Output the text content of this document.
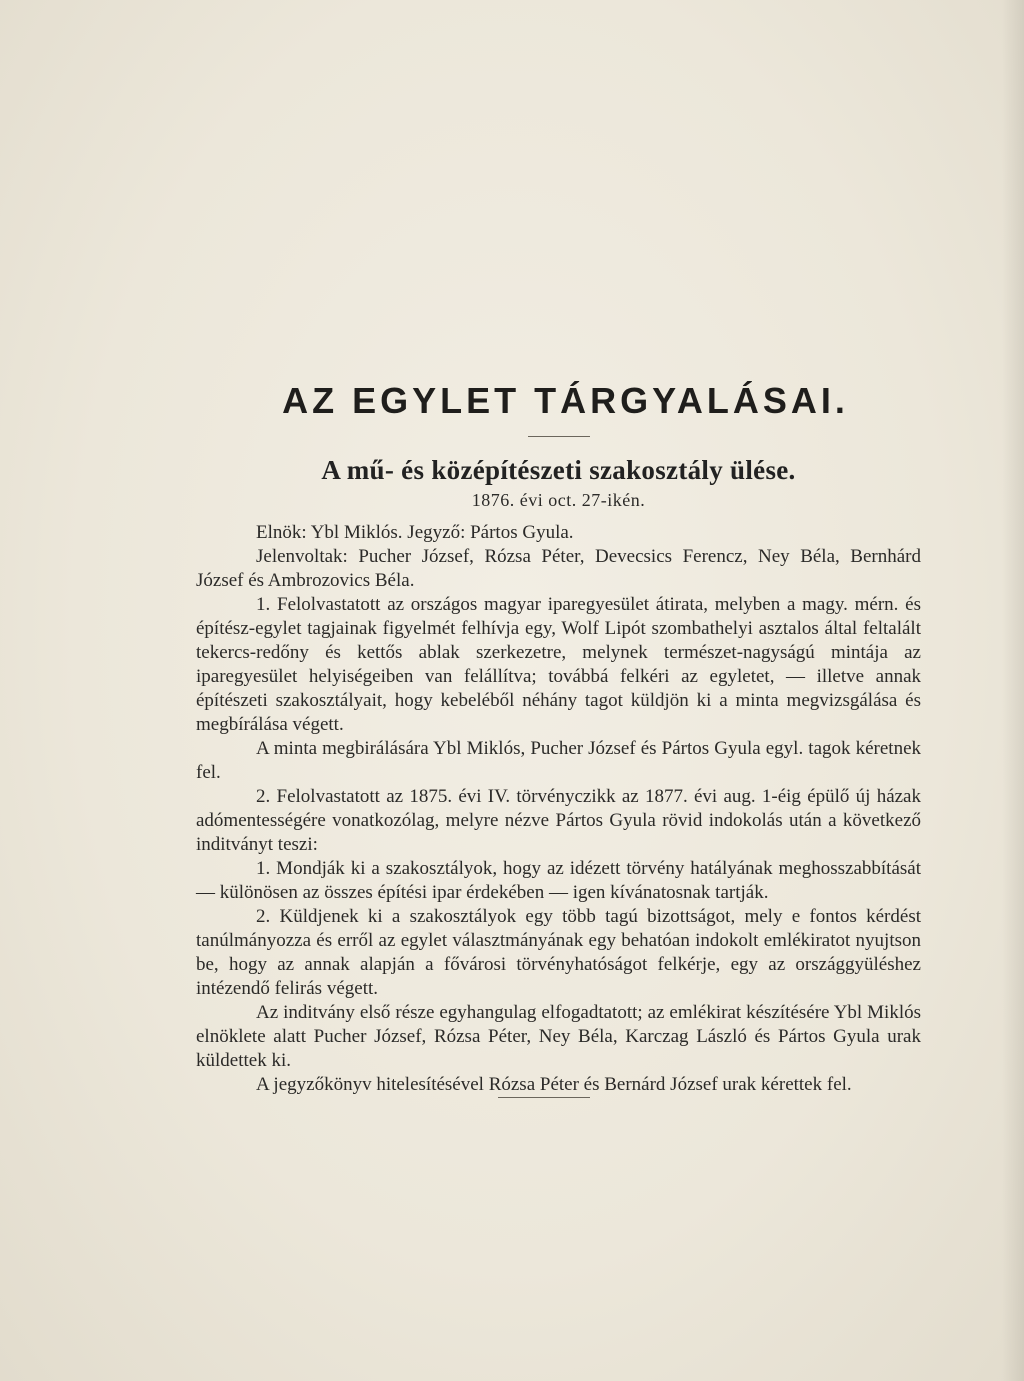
AZ EGYLET TÁRGYALÁSAI.
A mű- és középítészeti szakosztály ülése.
1876. évi oct. 27-ikén.

Elnök: Ybl Miklós. Jegyző: Pártos Gyula.

Jelenvoltak: Pucher József, Rózsa Péter, Devecsics Ferencz, Ney Béla, Bernhárd József és Ambrozovics Béla.

1. Felolvastatott az országos magyar iparegyesület átirata, melyben a magy. mérn. és építész-egylet tagjainak figyelmét felhívja egy, Wolf Lipót szombathelyi asztalos által feltalált tekercs-redőny és kettős ablak szerkezetre, melynek természet-nagyságú mintája az iparegyesület helyiségeiben van felállítva; továbbá felkéri az egyletet, — illetve annak építészeti szakosztályait, hogy kebeléből néhány tagot küldjön ki a minta megvizsgálása és megbírálása végett.

A minta megbirálására Ybl Miklós, Pucher József és Pártos Gyula egyl. tagok kéretnek fel.

2. Felolvastatott az 1875. évi IV. törvényczikk az 1877. évi aug. 1-éig épülő új házak adómentességére vonatkozólag, melyre nézve Pártos Gyula rövid indokolás után a következő inditványt teszi:

1. Mondják ki a szakosztályok, hogy az idézett törvény hatályának meghosszabbítását — különösen az összes építési ipar érdekében — igen kívánatosnak tartják.

2. Küldjenek ki a szakosztályok egy több tagú bizottságot, mely e fontos kérdést tanúlmányozza és erről az egylet választmányának egy behatóan indokolt emlékiratot nyujtson be, hogy az annak alapján a fővárosi törvényhatóságot felkérje, egy az országgyüléshez intézendő felirás végett.

Az inditvány első része egyhangulag elfogadtatott; az emlékirat készítésére Ybl Miklós elnöklete alatt Pucher József, Rózsa Péter, Ney Béla, Karczag László és Pártos Gyula urak küldettek ki.

A jegyzőkönyv hitelesítésével Rózsa Péter és Bernárd József urak kérettek fel.
